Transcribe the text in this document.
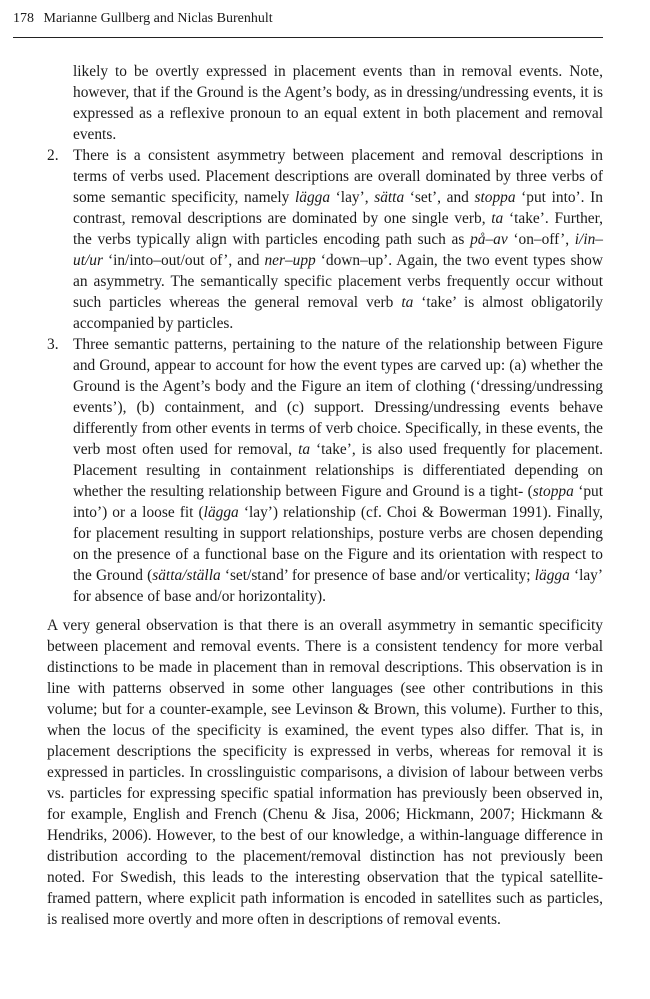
178 Marianne Gullberg and Niclas Burenhult

likely to be overtly expressed in placement events than in removal events. Note, however, that if the Ground is the Agent’s body, as in dressing/undressing events, it is expressed as a reflexive pronoun to an equal extent in both placement and removal events.

2. There is a consistent asymmetry between placement and removal descriptions in terms of verbs used. Placement descriptions are overall dominated by three verbs of some semantic specificity, namely lägga ‘lay’, sätta ‘set’, and stoppa ‘put into’. In contrast, removal descriptions are dominated by one single verb, ta ‘take’. Further, the verbs typically align with particles encoding path such as på–av ‘on–off’, i/in–ut/ur ‘in/into–out/out of’, and ner–upp ‘down–up’. Again, the two event types show an asymmetry. The semantically specific placement verbs frequently occur without such particles whereas the general removal verb ta ‘take’ is almost obligatorily accompanied by particles.
3. Three semantic patterns, pertaining to the nature of the relationship between Figure and Ground, appear to account for how the event types are carved up: (a) whether the Ground is the Agent’s body and the Figure an item of clothing (‘dressing/undressing events’), (b) containment, and (c) support. Dressing/undressing events behave differently from other events in terms of verb choice. Specifically, in these events, the verb most often used for removal, ta ‘take’, is also used frequently for placement. Placement resulting in containment relationships is differentiated depending on whether the resulting relationship between Figure and Ground is a tight- (stoppa ‘put into’) or a loose fit (lägga ‘lay’) relationship (cf. Choi & Bowerman 1991). Finally, for placement resulting in support relationships, posture verbs are chosen depending on the presence of a functional base on the Figure and its orientation with respect to the Ground (sätta/ställa ‘set/stand’ for presence of base and/or verticality; lägga ‘lay’ for absence of base and/or horizontality).

A very general observation is that there is an overall asymmetry in semantic specificity between placement and removal events. There is a consistent tendency for more verbal distinctions to be made in placement than in removal descriptions. This observation is in line with patterns observed in some other languages (see other contributions in this volume; but for a counter-example, see Levinson & Brown, this volume). Further to this, when the locus of the specificity is examined, the event types also differ. That is, in placement descriptions the specificity is expressed in verbs, whereas for removal it is expressed in particles. In crosslinguistic comparisons, a division of labour between verbs vs. particles for expressing specific spatial information has previously been observed in, for example, English and French (Chenu & Jisa, 2006; Hickmann, 2007; Hickmann & Hendriks, 2006). However, to the best of our knowledge, a within-language difference in distribution according to the placement/removal distinction has not previously been noted. For Swedish, this leads to the interesting observation that the typical satellite-framed pattern, where explicit path information is encoded in satellites such as particles, is realised more overtly and more often in descriptions of removal events.
